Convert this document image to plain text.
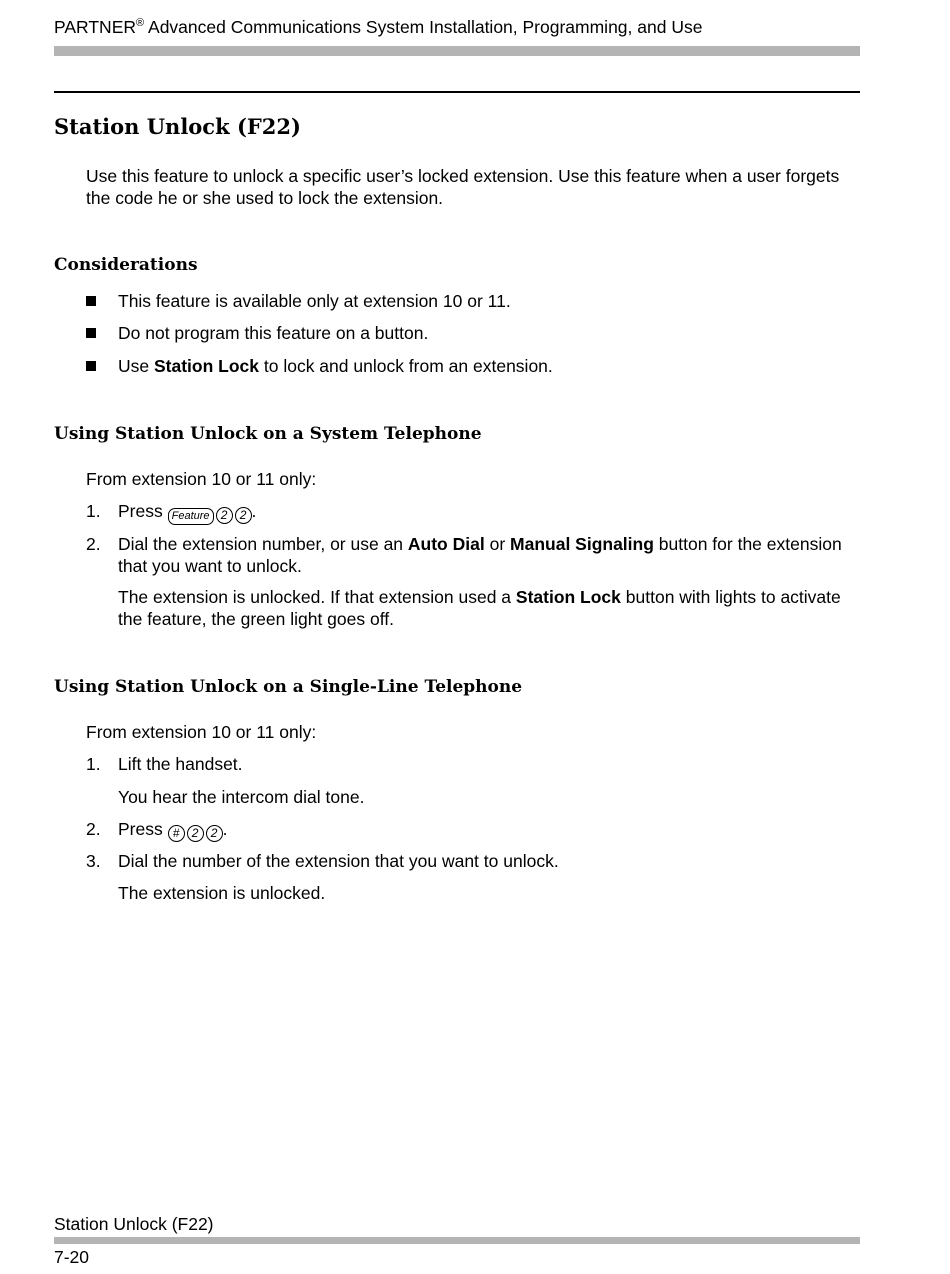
PARTNER® Advanced Communications System Installation, Programming, and Use
Station Unlock (F22)
Use this feature to unlock a specific user’s locked extension. Use this feature when a user forgets the code he or she used to lock the extension.
Considerations
This feature is available only at extension 10 or 11.
Do not program this feature on a button.
Use Station Lock to lock and unlock from an extension.
Using Station Unlock on a System Telephone
From extension 10 or 11 only:
1. Press Feature 2 2 .
2. Dial the extension number, or use an Auto Dial or Manual Signaling button for the extension that you want to unlock.
The extension is unlocked. If that extension used a Station Lock button with lights to activate the feature, the green light goes off.
Using Station Unlock on a Single-Line Telephone
From extension 10 or 11 only:
1. Lift the handset.
You hear the intercom dial tone.
2. Press # 2 2 .
3. Dial the number of the extension that you want to unlock.
The extension is unlocked.
Station Unlock (F22)
7-20
